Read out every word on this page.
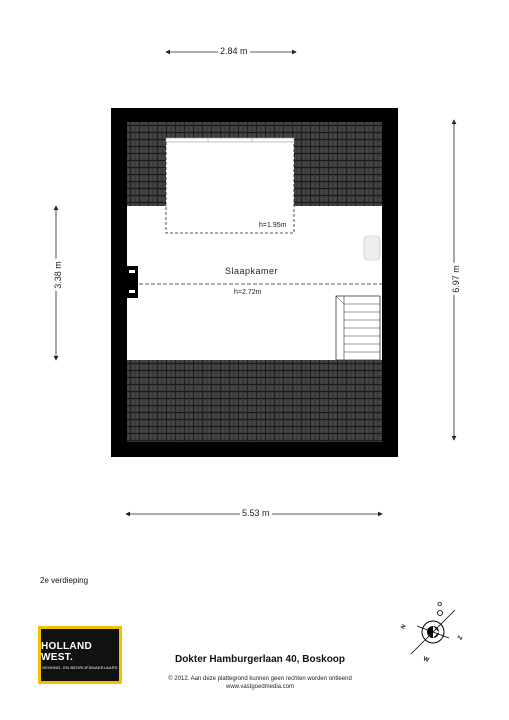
2.84 m
5.53 m
3.38 m	6.97 m
Slaapkamer
h=2.72m
h=1.95m
2e verdieping
HOLLAND WEST.
WONING- EN BEDRIJFSMAKELAARS
Dokter Hamburgerlaan 40, Boskoop
© 2012. Aan deze plattegrond kunnen geen rechten worden ontleend
www.vastgoedmedia.com
N
O
Z
W
